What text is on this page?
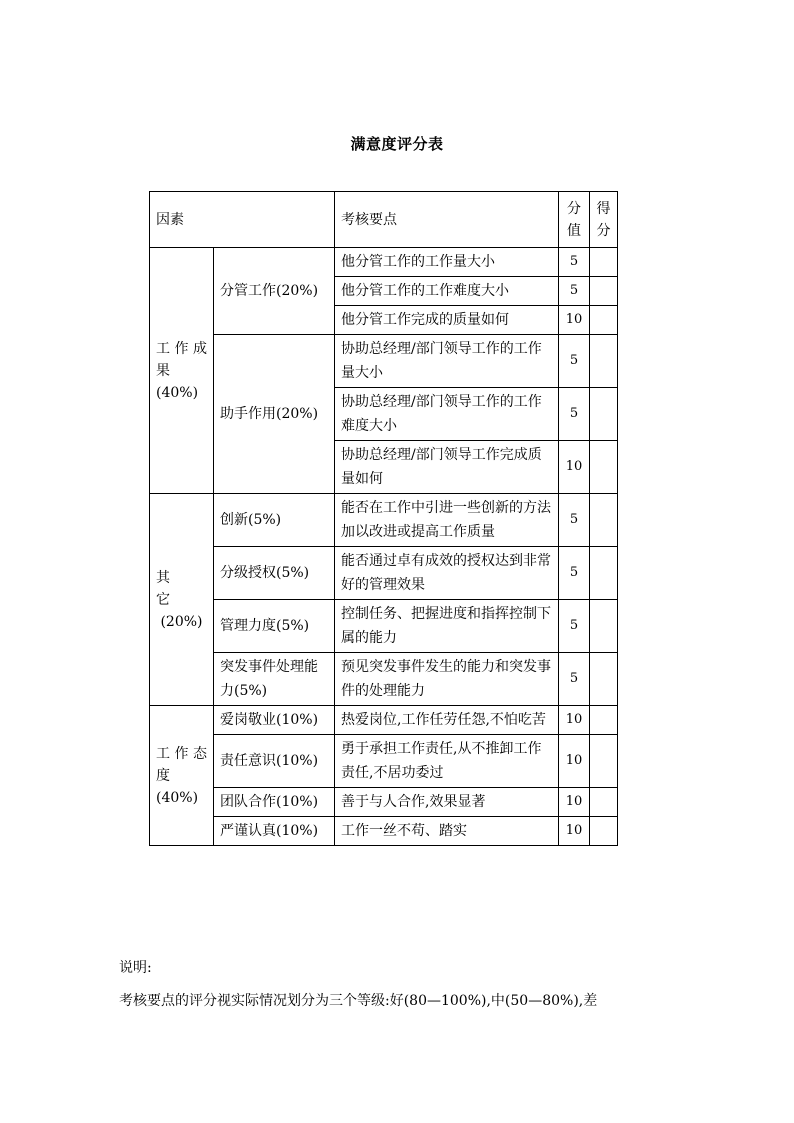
满意度评分表
因素		考核要点	分值	得分

工 作 成
果(40%)	分管工作(20%)	他分管工作的工作量大小	5	
		他分管工作的工作难度大小	5	
		他分管工作完成的质量如何	10	
	助手作用(20%)	协助总经理/部门领导工作的工作量大小	5	
		协助总经理/部门领导工作的工作难度大小	5	
		协助总经理/部门领导工作完成质量如何	10	

其　　它
(20%)	创新(5%)	能否在工作中引进一些创新的方法加以改进或提高工作质量	5	
	分级授权(5%)	能否通过卓有成效的授权达到非常好的管理效果	5	
	管理力度(5%)	控制任务、把握进度和指挥控制下属的能力	5	
	突发事件处理能力(5%)	预见突发事件发生的能力和突发事件的处理能力	5	

工 作 态
度(40%)	爱岗敬业(10%)	热爱岗位,工作任劳任怨,不怕吃苦	10	
	责任意识(10%)	勇于承担工作责任,从不推卸工作责任,不居功委过	10	
	团队合作(10%)	善于与人合作,效果显著	10	
	严谨认真(10%)	工作一丝不苟、踏实	10	
说明:
考核要点的评分视实际情况划分为三个等级:好(80—100%),中(50—80%),差
